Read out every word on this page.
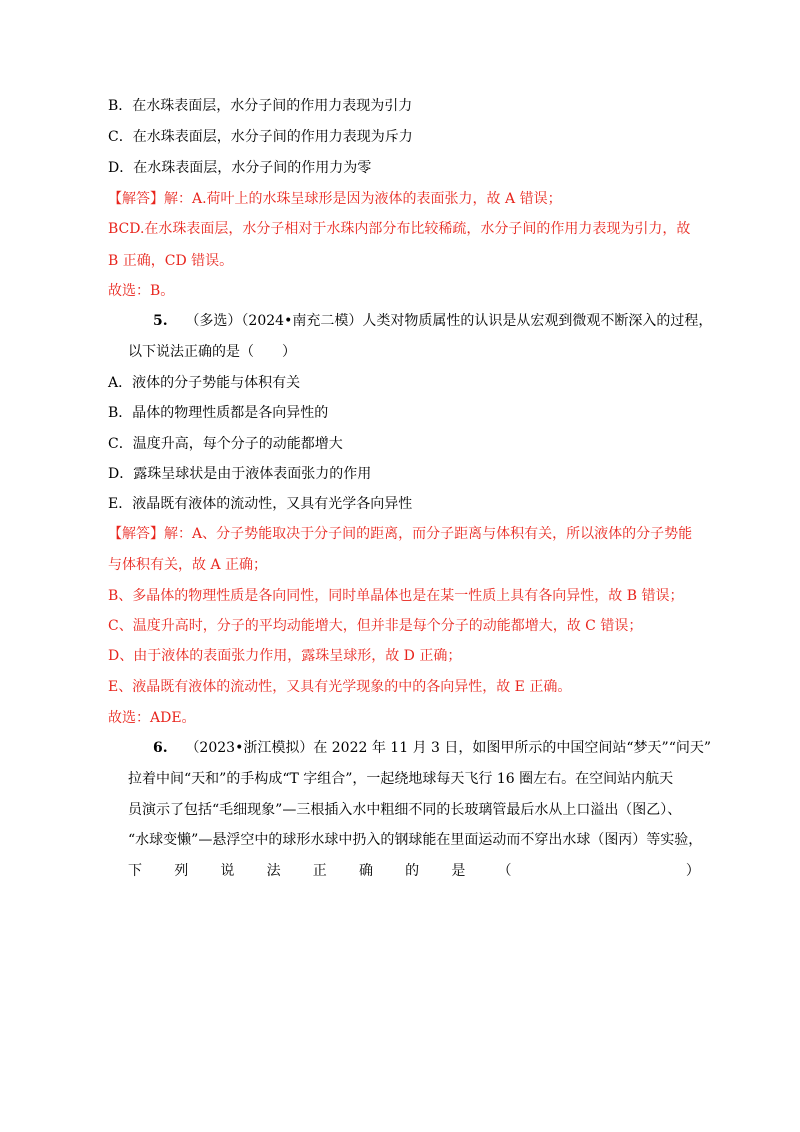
B．在水珠表面层，水分子间的作用力表现为引力
C．在水珠表面层，水分子间的作用力表现为斥力
D．在水珠表面层，水分子间的作用力为零
【解答】解：A.荷叶上的水珠呈球形是因为液体的表面张力，故 A 错误；
BCD.在水珠表面层，水分子相对于水珠内部分布比较稀疏，水分子间的作用力表现为引力，故
B 正确，CD 错误。
故选：B。
5. （多选）（2024•南充二模）人类对物质属性的认识是从宏观到微观不断深入的过程，
以下说法正确的是（　　）
A．液体的分子势能与体积有关
B．晶体的物理性质都是各向异性的
C．温度升高，每个分子的动能都增大
D．露珠呈球状是由于液体表面张力的作用
E．液晶既有液体的流动性，又具有光学各向异性
【解答】解：A、分子势能取决于分子间的距离，而分子距离与体积有关，所以液体的分子势能
与体积有关，故 A 正确；
B、多晶体的物理性质是各向同性，同时单晶体也是在某一性质上具有各向异性，故 B 错误；
C、温度升高时，分子的平均动能增大，但并非是每个分子的动能都增大，故 C 错误；
D、由于液体的表面张力作用，露珠呈球形，故 D 正确；
E、液晶既有液体的流动性，又具有光学现象的中的各向异性，故 E 正确。
故选：ADE。
6. （2023•浙江模拟）在 2022 年 11 月 3 日，如图甲所示的中国空间站“梦天”“问天”
拉着中间“天和”的手构成“T 字组合”，一起绕地球每天飞行 16 圈左右。在空间站内航天
员演示了包括“毛细现象”—三根插入水中粗细不同的长玻璃管最后水从上口溢出（图乙）、
“水球变懒”—悬浮空中的球形水球中扔入的钢球能在里面运动而不穿出水球（图丙）等实验，
下 列 说 法 正 确 的 是 （	）
